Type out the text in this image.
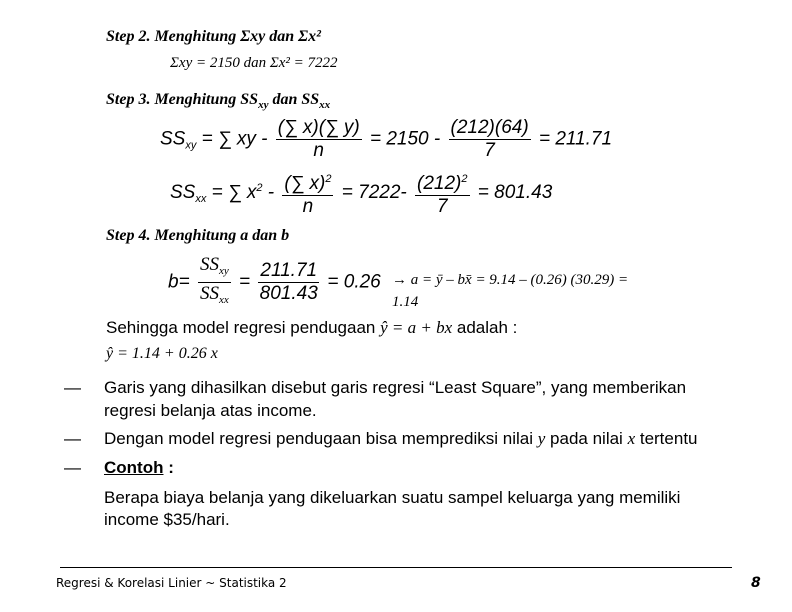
Step 2. Menghitung Σxy dan Σx²
Σxy = 2150 dan Σx² = 7222
Step 3. Menghitung $SS_{xy}$ dan $SS_{xx}$
$SS_{xy}$ = ∑ xy - $\frac{(\sum x)(\sum y)}{n} = 2150 - \frac{(212)(64)}{7} = 211.71$
$SS_{xx}$ = ∑ $x^2 - \frac{(\sum x)^2}{n} = 7222- \frac{(212)^2}{7} = 801.43$
Step 4. Menghitung a dan b
$b= \frac{SS_{xy}}{SS_{xx}} = \frac{211.71}{801.43} = 0.26 \to a$ = ȳ – bx̄ = 9.14 – (0.26) (30.29) =
1.14
Sehingga model regresi pendugaan ŷ = a + bx adalah :
ŷ = 1.14 + 0.26 x
— Garis yang dihasilkan disebut garis regresi “Least Square”, yang memberikan
regresi belanja atas income.
— Dengan model regresi pendugaan bisa memprediksi nilai y pada nilai x tertentu
— Contoh :
Berapa biaya belanja yang dikeluarkan suatu sampel keluarga yang memiliki
income $35/hari.
Regresi & Korelasi Linier ~ Statistika 2	8
